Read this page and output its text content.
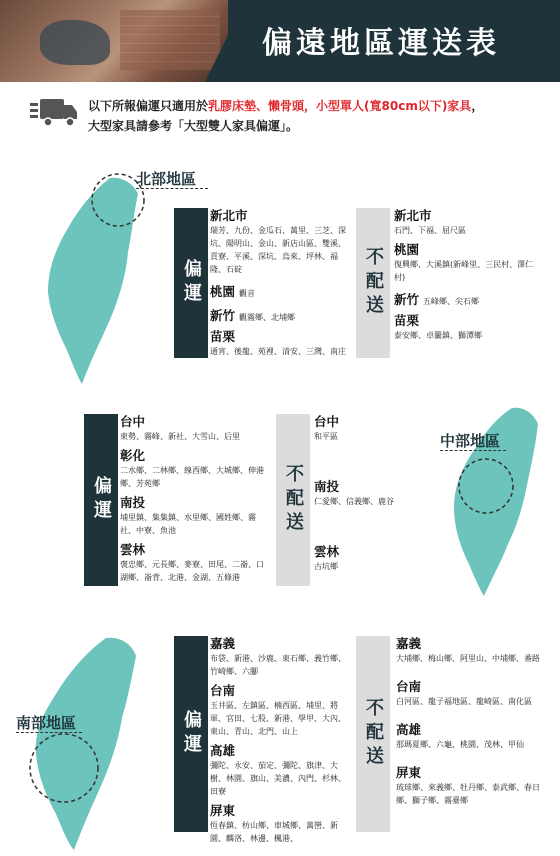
偏遠地區運送表
以下所報偏運只適用於乳膠床墊、懶骨頭，小型單人(寬80cm以下)家具，
大型家具請參考「大型雙人家具偏運」。
北部地區
偏運
新北市
瑞芳、九份、金瓜石、萬里、三芝、深坑、陽明山、金山、新店山區、雙溪、貢寮、平溪、深坑、烏來、坪林、福隆、石碇
桃園 觀音
新竹 觀霧鄉、北埔鄉
苗栗
通宵、後龍、苑裡、清安、三灣、南庄
不配送
新北市
石門、下福、屈尺區
桃園
復興鄉、大溪鎮(新峰里、三民村、澤仁村)
新竹 五峰鄉、尖石鄉
苗栗
泰安鄉、卓蘭鎮、獅潭鄉
偏運
台中
東勢、霧峰、新社、大雪山、后里
彰化
二水鄉、二林鄉、線西鄉、大城鄉、伸港鄉、芳苑鄉
南投
埔里鎮、集集鎮、水里鄉、國姓鄉、霧社、中寮、魚池
雲林
褒忠鄉、元長鄉、麥寮、田尾、二崙、口湖鄉、崙背、北港、金湖、五條港
不配送
台中
和平區
南投
仁愛鄉、信義鄉、鹿谷
雲林
古坑鄉
中部地區
南部地區	偏運
嘉義
布袋、新港、沙鹿、東石鄉、義竹鄉、竹崎鄉、六腳
台南
玉井區、左鎮區、楠西區、埔里、將軍、官田、七股、新港、學甲、大內、東山、青山、北門、山上
高雄
彌陀、永安、茄定、彌陀、旗津、大樹、林園、旗山、美濃、內門、杉林、田寮
屏東
恆春鎮、枋山鄉、車城鄉、萬巒、新園、麟洛、林邊、楓港、
不配送
嘉義
大埔鄉、梅山鄉、阿里山、中埔鄉、番路
台南
白河區、龍子福地區、龍崎區、南化區
高雄
那瑪夏鄉、六龜、桃園、茂林、甲仙
屏東
琉球鄉、來義鄉、牡丹鄉、泰武鄉、春日鄉、獅子鄉、霧臺鄉
